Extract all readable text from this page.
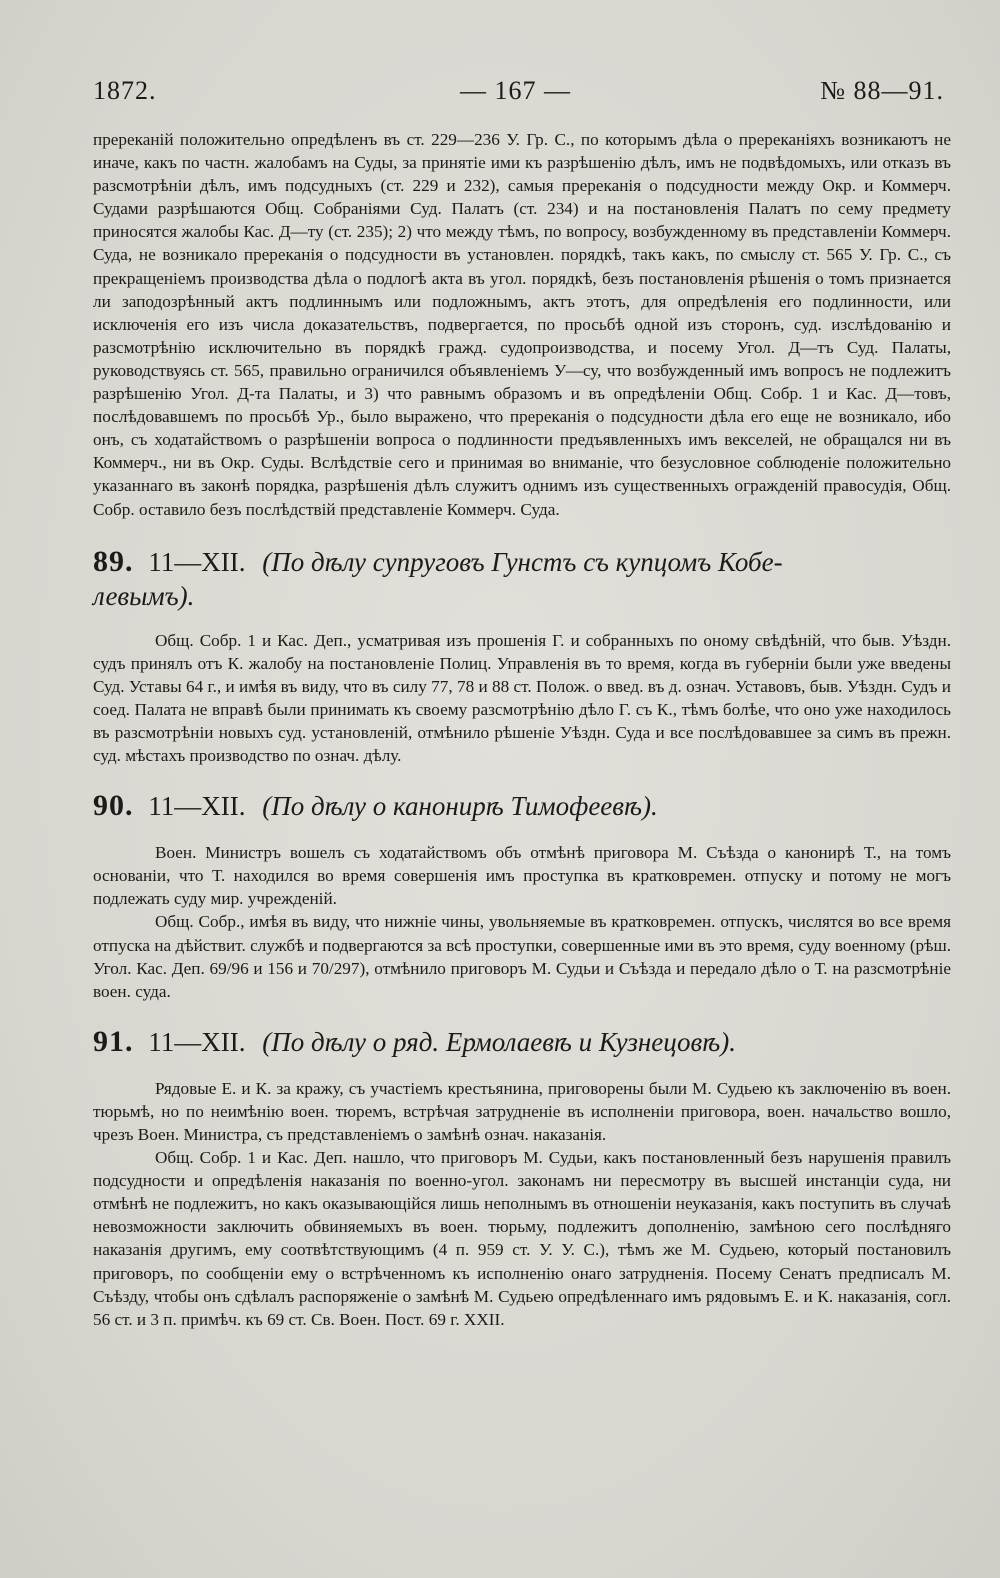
1872.	— 167 —	№ 88—91.

пререканій положительно опредѣленъ въ ст. 229—236 У. Гр. С., по которымъ дѣла о пререканіяхъ возникаютъ не иначе, какъ по частн. жалобамъ на Суды, за принятіе ими къ разрѣшенію дѣлъ, имъ не подвѣдомыхъ, или отказъ въ разсмотрѣніи дѣлъ, имъ подсудныхъ (ст. 229 и 232), самыя пререканія о подсудности между Окр. и Коммерч. Судами разрѣшаются Общ. Собраніями Суд. Палатъ (ст. 234) и на постановленія Палатъ по сему предмету приносятся жалобы Кас. Д—ту (ст. 235); 2) что между тѣмъ, по вопросу, возбужденному въ представленіи Коммерч. Суда, не возникало пререканія о подсудности въ установлен. порядкѣ, такъ какъ, по смыслу ст. 565 У. Гр. С., съ прекращеніемъ производства дѣла о подлогѣ акта въ угол. порядкѣ, безъ постановленія рѣшенія о томъ признается ли заподозрѣнный актъ подлиннымъ или подложнымъ, актъ этотъ, для опредѣленія его подлинности, или исключенія его изъ числа доказательствъ, подвергается, по просьбѣ одной изъ сторонъ, суд. изслѣдованію и разсмотрѣнію исключительно въ порядкѣ гражд. судопроизводства, и посему Угол. Д—тъ Суд. Палаты, руководствуясь ст. 565, правильно ограничился объявленіемъ У—су, что возбужденный имъ вопросъ не подлежитъ разрѣшенію Угол. Д-та Палаты, и 3) что равнымъ образомъ и въ опредѣленіи Общ. Собр. 1 и Кас. Д—товъ, послѣдовавшемъ по просьбѣ Ур., было выражено, что пререканія о подсудности дѣла его еще не возникало, ибо онъ, съ ходатайствомъ о разрѣшеніи вопроса о подлинности предъявленныхъ имъ векселей, не обращался ни въ Коммерч., ни въ Окр. Суды. Вслѣдствіе сего и принимая во вниманіе, что безусловное соблюденіе положительно указаннаго въ законѣ порядка, разрѣшенія дѣлъ служитъ однимъ изъ существенныхъ огражденій правосудія, Общ. Собр. оставило безъ послѣдствій представленіе Коммерч. Суда.

89. 11—XII. (По дѣлу супруговъ Гунстъ съ купцомъ Кобе-

левымъ).

Общ. Собр. 1 и Кас. Деп., усматривая изъ прошенія Г. и собранныхъ по оному свѣдѣній, что быв. Уѣздн. судъ принялъ отъ К. жалобу на постановленіе Полиц. Управленія въ то время, когда въ губерніи были уже введены Суд. Уставы 64 г., и имѣя въ виду, что въ силу 77, 78 и 88 ст. Полож. о введ. въ д. означ. Уставовъ, быв. Уѣздн. Судъ и соед. Палата не вправѣ были принимать къ своему разсмотрѣнію дѣло Г. съ К., тѣмъ болѣе, что оно уже находилось въ разсмотрѣніи новыхъ суд. установленій, отмѣнило рѣшеніе Уѣздн. Суда и все послѣдовавшее за симъ въ прежн. суд. мѣстахъ производство по означ. дѣлу.

90. 11—XII. (По дѣлу о канонирѣ Тимофеевѣ).

Воен. Министръ вошелъ съ ходатайствомъ объ отмѣнѣ приговора М. Съѣзда о канонирѣ Т., на томъ основаніи, что Т. находился во время совершенія имъ проступка въ кратковремен. отпуску и потому не могъ подлежать суду мир. учрежденій.

Общ. Собр., имѣя въ виду, что нижніе чины, увольняемые въ кратковремен. отпускъ, числятся во все время отпуска на дѣйствит. службѣ и подвергаются за всѣ проступки, совершенные ими въ это время, суду военному (рѣш. Угол. Кас. Деп. 69/96 и 156 и 70/297), отмѣнило приговоръ М. Судьи и Съѣзда и передало дѣло о Т. на разсмотрѣніе воен. суда.

91. 11—XII. (По дѣлу о ряд. Ермолаевѣ и Кузнецовѣ).

Рядовые Е. и К. за кражу, съ участіемъ крестьянина, приговорены были М. Судьею къ заключенію въ воен. тюрьмѣ, но по неимѣнію воен. тюремъ, встрѣчая затрудненіе въ исполненіи приговора, воен. начальство вошло, чрезъ Воен. Министра, съ представленіемъ о замѣнѣ означ. наказанія.

Общ. Собр. 1 и Кас. Деп. нашло, что приговоръ М. Судьи, какъ постановленный безъ нарушенія правилъ подсудности и опредѣленія наказанія по военно-угол. законамъ ни пересмотру въ высшей инстанціи суда, ни отмѣнѣ не подлежитъ, но какъ оказывающійся лишь неполнымъ въ отношеніи неуказанія, какъ поступить въ случаѣ невозможности заключить обвиняемыхъ въ воен. тюрьму, подлежитъ дополненію, замѣною сего послѣдняго наказанія другимъ, ему соотвѣтствующимъ (4 п. 959 ст. У. У. С.), тѣмъ же М. Судьею, который постановилъ приговоръ, по сообщеніи ему о встрѣченномъ къ исполненію онаго затрудненія. Посему Сенатъ предписалъ М. Съѣзду, чтобы онъ сдѣлалъ распоряженіе о замѣнѣ М. Судьею опредѣленнаго имъ рядовымъ Е. и К. наказанія, согл. 56 ст. и 3 п. примѣч. къ 69 ст. Св. Воен. Пост. 69 г. XXII.
